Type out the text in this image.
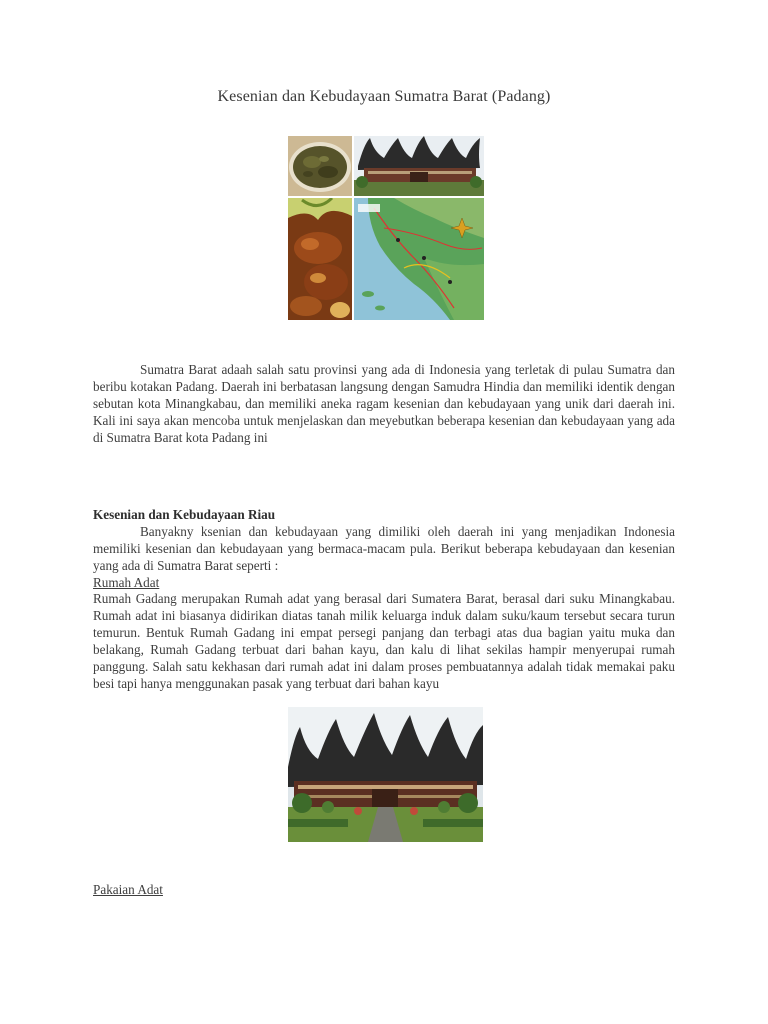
Kesenian dan Kebudayaan Sumatra Barat (Padang)
Sumatra Barat adaah salah satu provinsi yang ada di Indonesia yang terletak di pulau Sumatra dan beribu kotakan Padang. Daerah ini berbatasan langsung dengan Samudra Hindia dan memiliki identik dengan sebutan kota Minangkabau, dan memiliki aneka ragam kesenian dan kebudayaan yang unik dari daerah ini. Kali ini saya akan mencoba untuk menjelaskan dan meyebutkan beberapa kesenian dan kebudayaan yang ada di Sumatra Barat kota Padang ini
Kesenian dan Kebudayaan Riau
Banyakny ksenian dan kebudayaan yang dimiliki oleh daerah ini yang menjadikan Indonesia memiliki kesenian dan kebudayaan yang bermaca-macam pula. Berikut beberapa kebudayaan dan kesenian yang ada di Sumatra Barat seperti :
Rumah Adat
Rumah Gadang merupakan Rumah adat yang berasal dari Sumatera Barat, berasal dari suku Minangkabau. Rumah adat ini biasanya didirikan diatas tanah milik keluarga induk dalam suku/kaum tersebut secara turun temurun. Bentuk Rumah Gadang ini empat persegi panjang dan terbagi atas dua bagian yaitu muka dan belakang, Rumah Gadang terbuat dari bahan kayu, dan kalu di lihat sekilas hampir menyerupai rumah panggung. Salah satu kekhasan dari rumah adat ini dalam proses pembuatannya adalah tidak memakai paku besi tapi hanya menggunakan pasak yang terbuat dari bahan kayu
Pakaian Adat
